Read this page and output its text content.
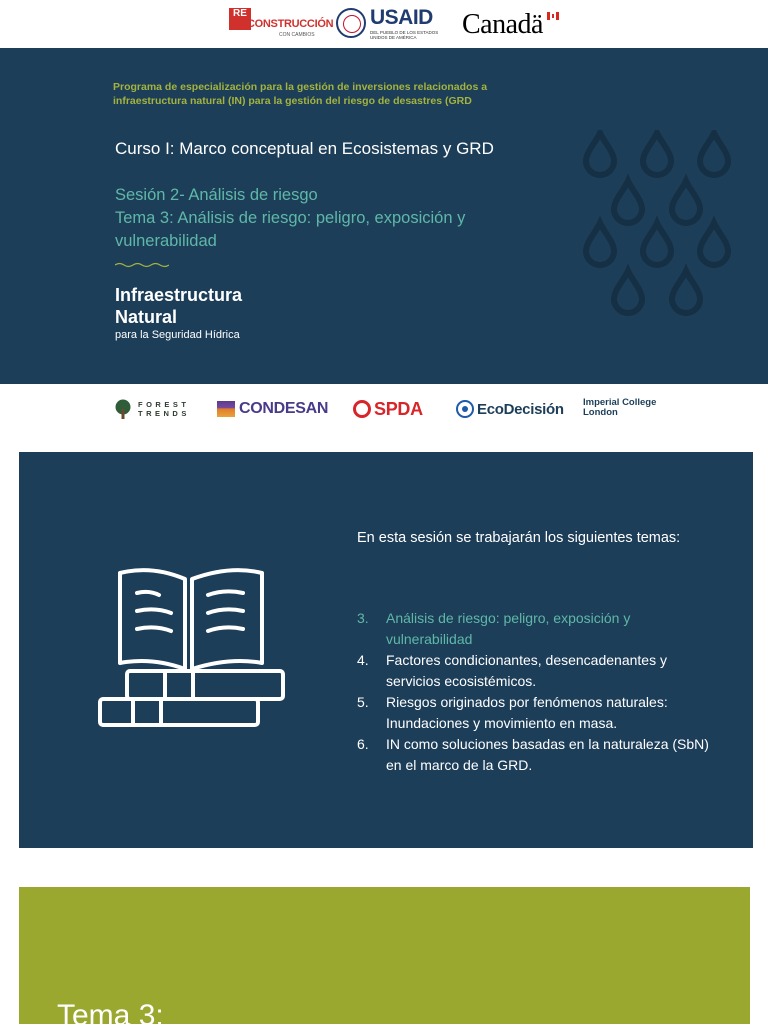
RE
CONSTRUCCIÓN
CON CAMBIOS
USAID
DEL PUEBLO DE LOS ESTADOS UNIDOS DE AMÉRICA	Canadä
Programa de especialización para la gestión de inversiones relacionados a infraestructura natural (IN) para la gestión del riesgo de desastres (GRD
Curso I: Marco conceptual en Ecosistemas y GRD
Sesión 2- Análisis de riesgo
Tema 3: Análisis de riesgo: peligro, exposición y vulnerabilidad
Infraestructura
Natural
para la Seguridad Hídrica
FOREST
TRENDS	CONDESAN	SPDA	EcoDecisión Imperial College
London
En esta sesión se trabajarán los siguientes temas:
3. Análisis de riesgo: peligro, exposición y vulnerabilidad
4. Factores condicionantes, desencadenantes y servicios ecosistémicos.
5. Riesgos originados por fenómenos naturales: Inundaciones y movimiento en masa.
6. IN como soluciones basadas en la naturaleza (SbN) en el marco de la GRD.
Tema 3:
